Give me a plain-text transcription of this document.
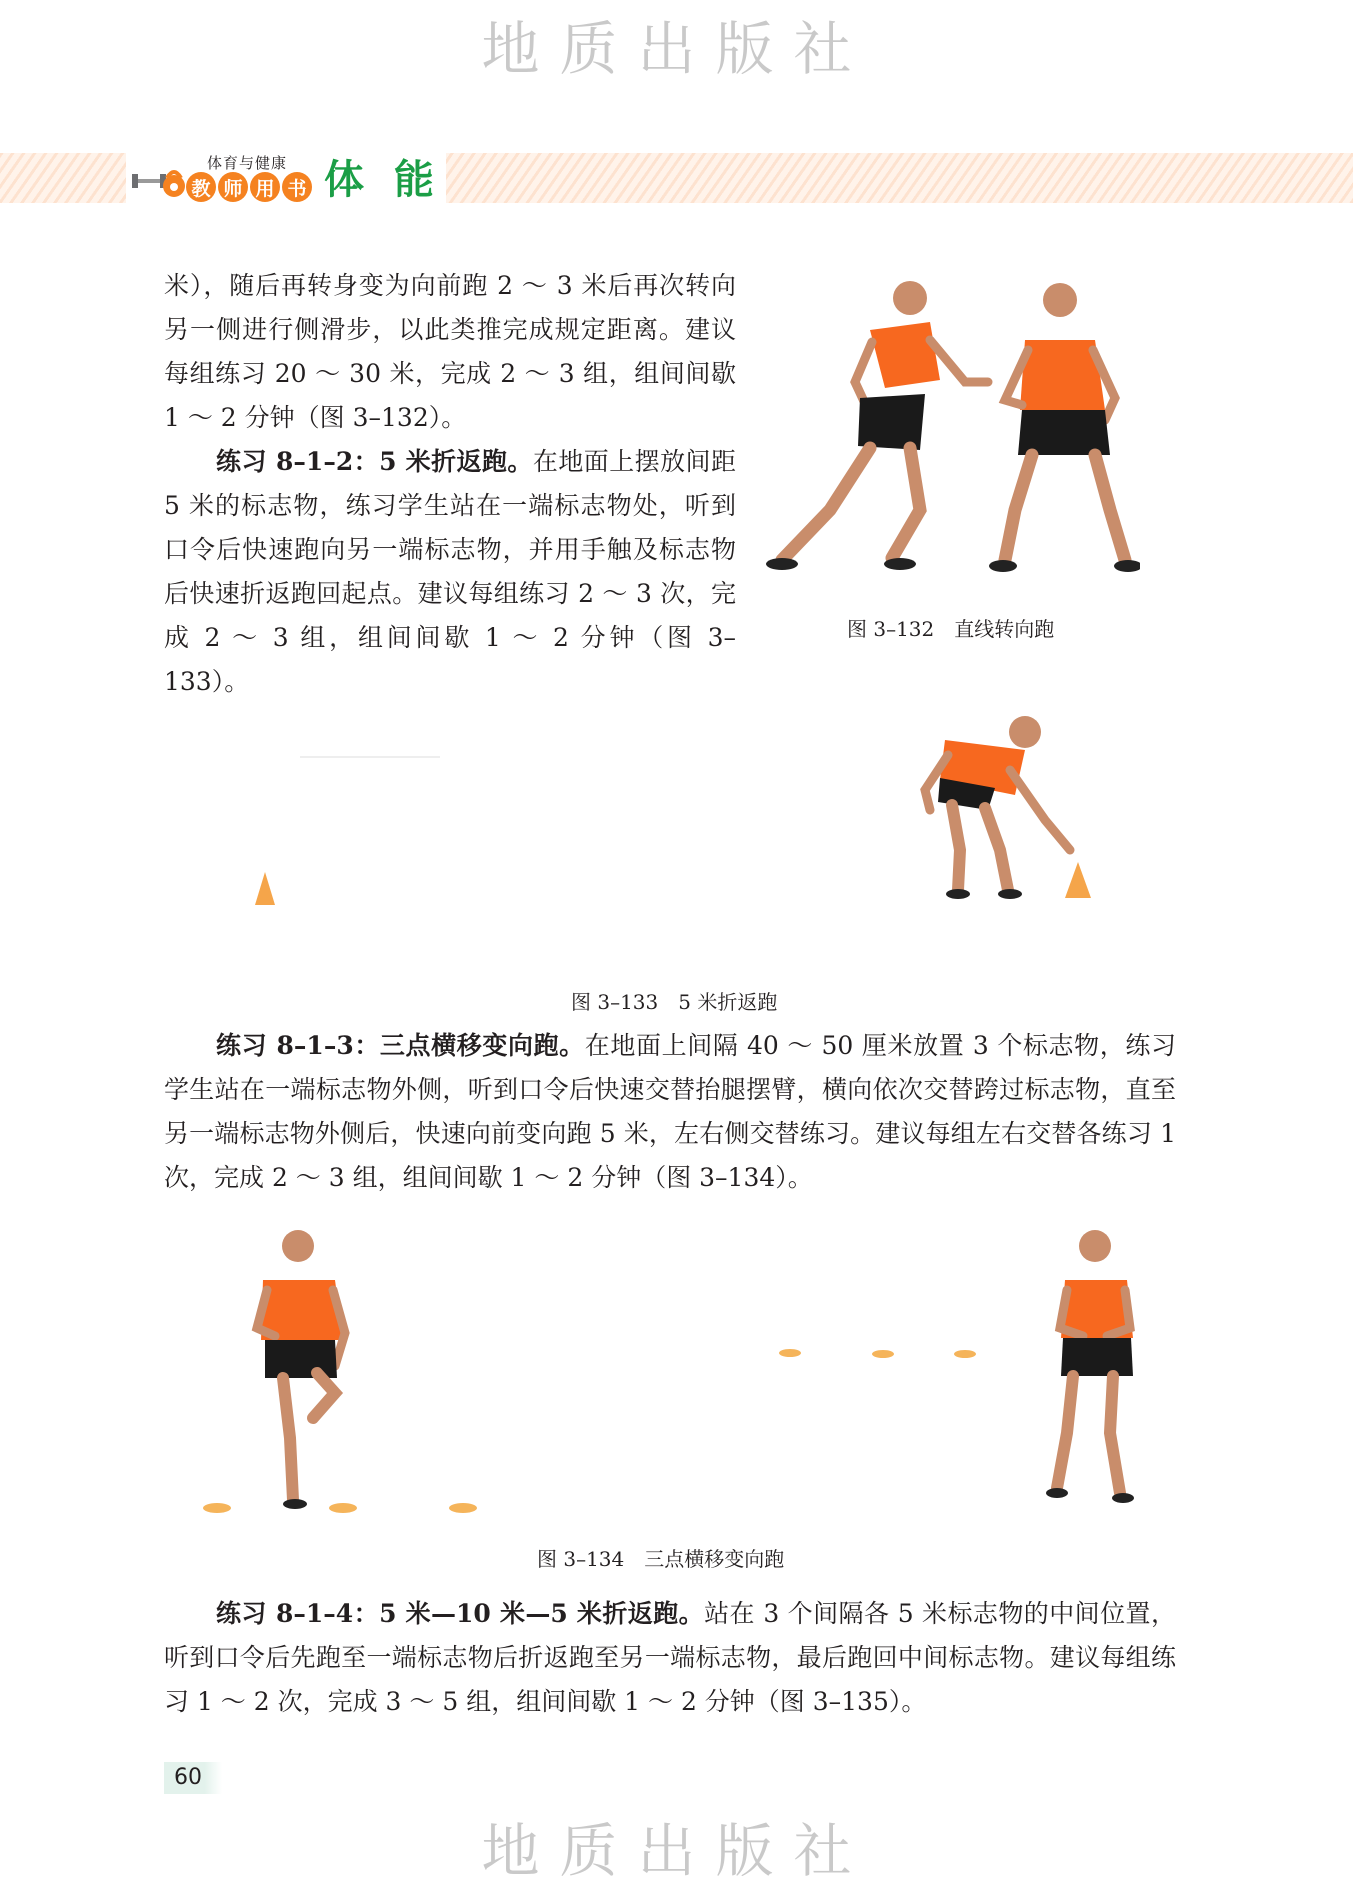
地质出版社
体育与健康
教 师 用 书 体 能

米），随后再转身变为向前跑 2 ～ 3 米后再次转向另一侧进行侧滑步，以此类推完成规定距离。建议每组练习 20 ～ 30 米，完成 2 ～ 3 组，组间间歇 1 ～ 2 分钟（图 3–132）。

练习 8–1–2：5 米折返跑。在地面上摆放间距 5 米的标志物，练习学生站在一端标志物处，听到口令后快速跑向另一端标志物，并用手触及标志物后快速折返跑回起点。建议每组练习 2 ～ 3 次，完成 2 ～ 3 组，组间间歇 1 ～ 2 分钟（图 3–133）。

图 3–132　直线转向跑
图 3–133　5 米折返跑

练习 8–1–3：三点横移变向跑。在地面上间隔 40 ～ 50 厘米放置 3 个标志物，练习学生站在一端标志物外侧，听到口令后快速交替抬腿摆臂，横向依次交替跨过标志物，直至另一端标志物外侧后，快速向前变向跑 5 米，左右侧交替练习。建议每组左右交替各练习 1 次，完成 2 ～ 3 组，组间间歇 1 ～ 2 分钟（图 3–134）。

图 3–134　三点横移变向跑

练习 8–1–4：5 米—10 米—5 米折返跑。站在 3 个间隔各 5 米标志物的中间位置，听到口令后先跑至一端标志物后折返跑至另一端标志物，最后跑回中间标志物。建议每组练习 1 ～ 2 次，完成 3 ～ 5 组，组间间歇 1 ～ 2 分钟（图 3–135）。

60
地质出版社
